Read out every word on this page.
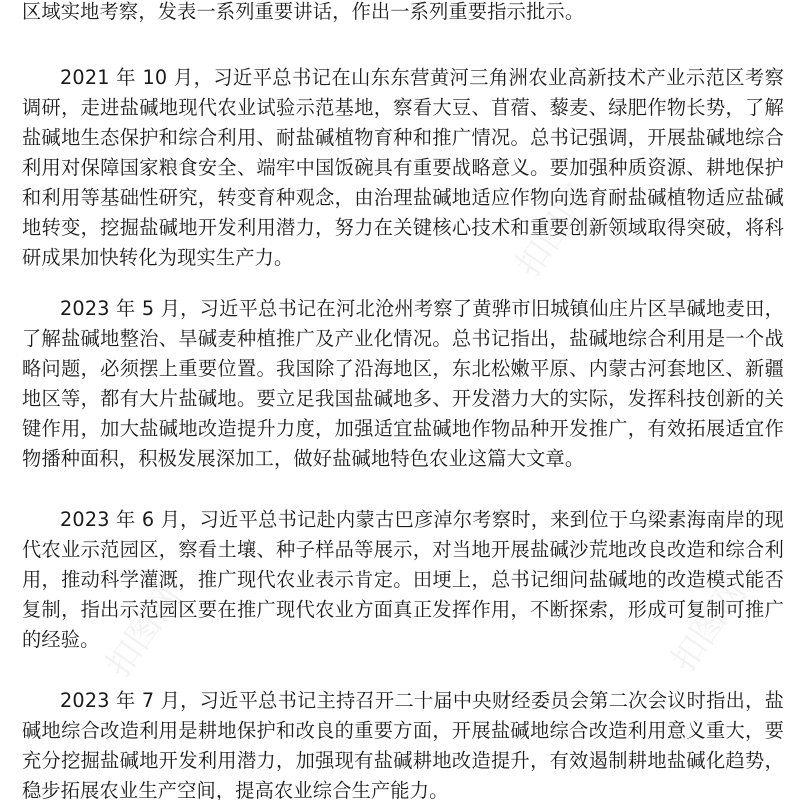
区域实地考察，发表一系列重要讲话，作出一系列重要指示批示。

2021 年 10 月，习近平总书记在山东东营黄河三角洲农业高新技术产业示范区考察调研，走进盐碱地现代农业试验示范基地，察看大豆、苜蓿、藜麦、绿肥作物长势，了解盐碱地生态保护和综合利用、耐盐碱植物育种和推广情况。总书记强调，开展盐碱地综合利用对保障国家粮食安全、端牢中国饭碗具有重要战略意义。要加强种质资源、耕地保护和利用等基础性研究，转变育种观念，由治理盐碱地适应作物向选育耐盐碱植物适应盐碱地转变，挖掘盐碱地开发利用潜力，努力在关键核心技术和重要创新领域取得突破，将科研成果加快转化为现实生产力。

2023 年 5 月，习近平总书记在河北沧州考察了黄骅市旧城镇仙庄片区旱碱地麦田，了解盐碱地整治、旱碱麦种植推广及产业化情况。总书记指出，盐碱地综合利用是一个战略问题，必须摆上重要位置。我国除了沿海地区，东北松嫩平原、内蒙古河套地区、新疆地区等，都有大片盐碱地。要立足我国盐碱地多、开发潜力大的实际，发挥科技创新的关键作用，加大盐碱地改造提升力度，加强适宜盐碱地作物品种开发推广，有效拓展适宜作物播种面积，积极发展深加工，做好盐碱地特色农业这篇大文章。

2023 年 6 月，习近平总书记赴内蒙古巴彦淖尔考察时，来到位于乌梁素海南岸的现代农业示范园区，察看土壤、种子样品等展示，对当地开展盐碱沙荒地改良改造和综合利用，推动科学灌溉，推广现代农业表示肯定。田埂上，总书记细问盐碱地的改造模式能否复制，指出示范园区要在推广现代农业方面真正发挥作用，不断探索，形成可复制可推广的经验。

2023 年 7 月，习近平总书记主持召开二十届中央财经委员会第二次会议时指出，盐碱地综合改造利用是耕地保护和改良的重要方面，开展盐碱地综合改造利用意义重大，要充分挖掘盐碱地开发利用潜力，加强现有盐碱耕地改造提升，有效遏制耕地盐碱化趋势，稳步拓展农业生产空间，提高农业综合生产能力。

扣图网
扣图网	扣图网
